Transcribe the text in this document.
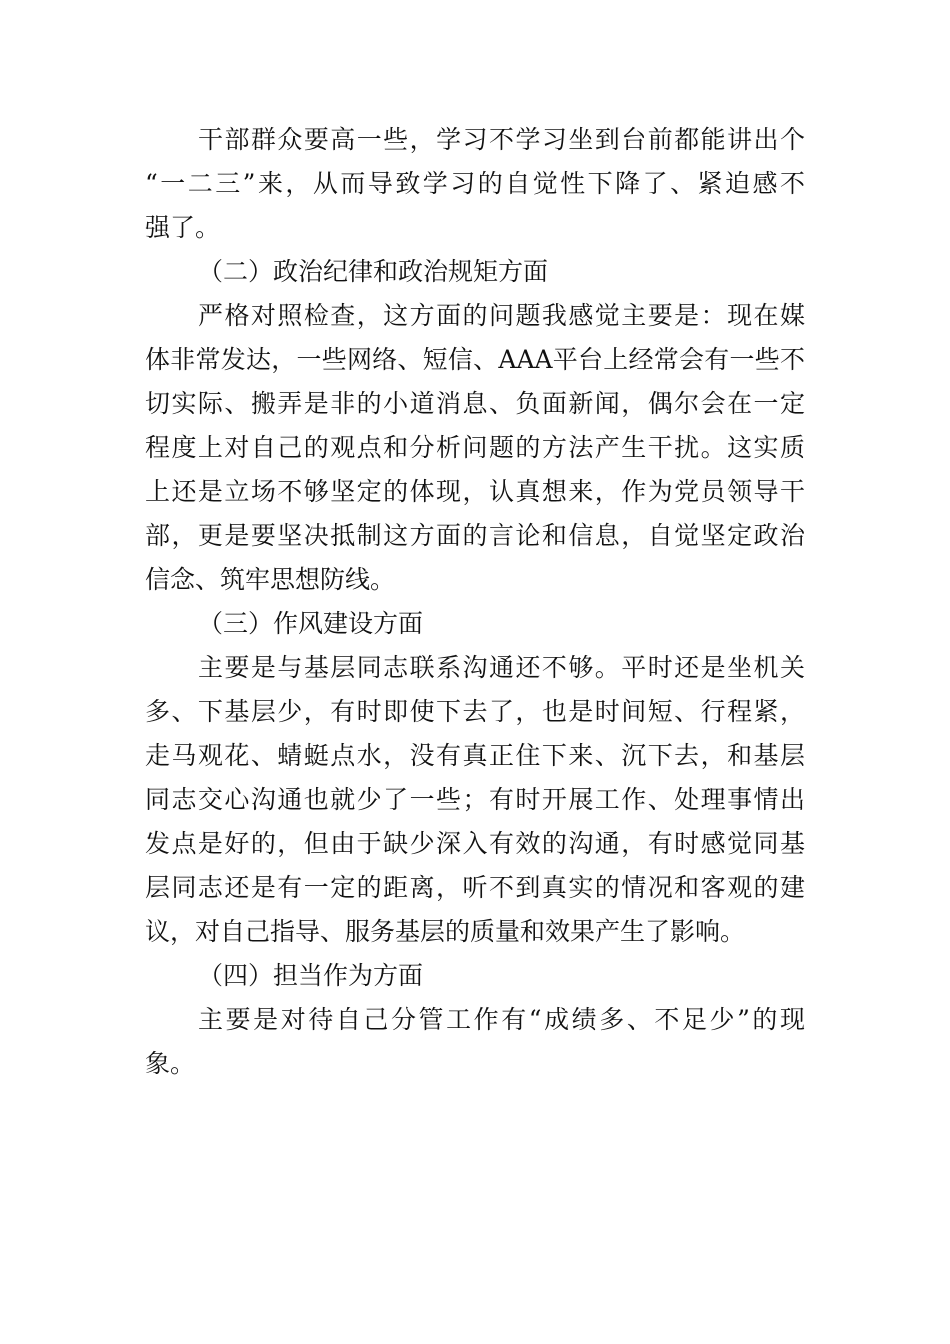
干部群众要高一些，学习不学习坐到台前都能讲出个
“一二三”来，从而导致学习的自觉性下降了、紧迫感不
强了。
（二）政治纪律和政治规矩方面
严格对照检查，这方面的问题我感觉主要是：现在媒
体非常发达，一些网络、短信、AAA平台上经常会有一些不
切实际、搬弄是非的小道消息、负面新闻，偶尔会在一定
程度上对自己的观点和分析问题的方法产生干扰。这实质
上还是立场不够坚定的体现，认真想来，作为党员领导干
部，更是要坚决抵制这方面的言论和信息，自觉坚定政治
信念、筑牢思想防线。
（三）作风建设方面
主要是与基层同志联系沟通还不够。平时还是坐机关
多、下基层少，有时即使下去了，也是时间短、行程紧，
走马观花、蜻蜓点水，没有真正住下来、沉下去，和基层
同志交心沟通也就少了一些；有时开展工作、处理事情出
发点是好的，但由于缺少深入有效的沟通，有时感觉同基
层同志还是有一定的距离，听不到真实的情况和客观的建
议，对自己指导、服务基层的质量和效果产生了影响。
（四）担当作为方面
主要是对待自己分管工作有“成绩多、不足少”的现
象。
